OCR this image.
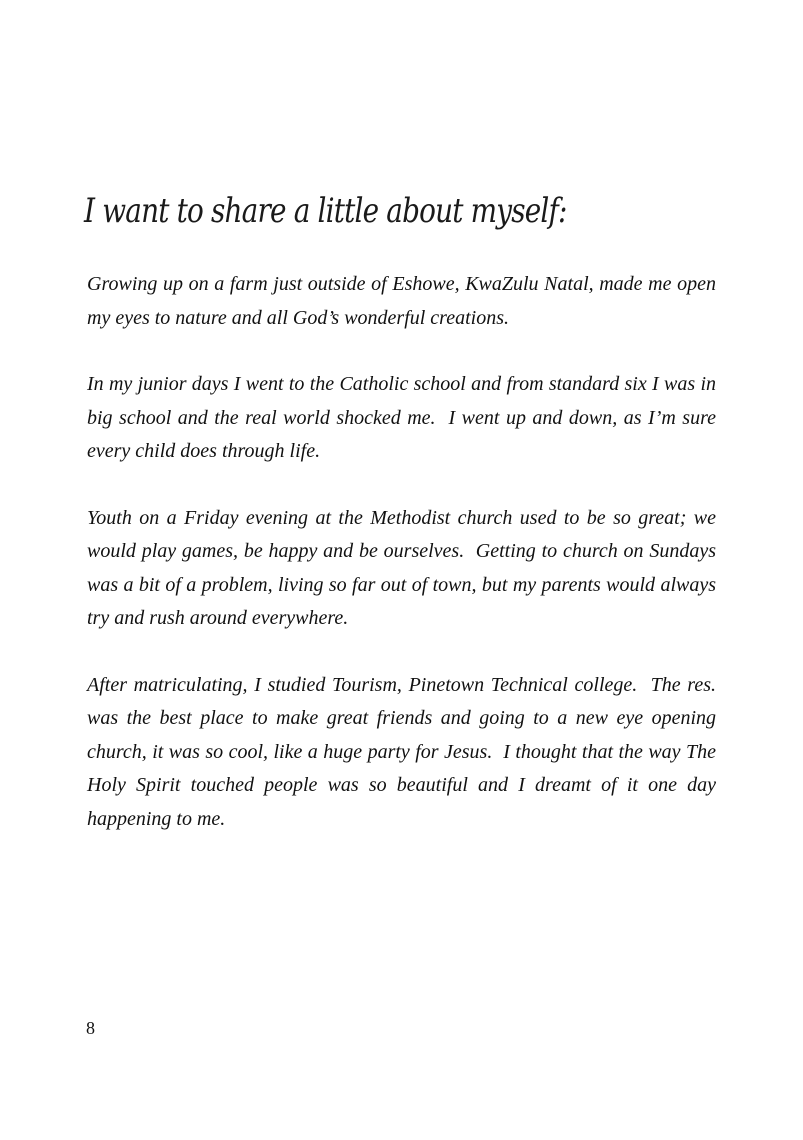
I want to share a little about myself:

Growing up on a farm just outside of Eshowe, KwaZulu Natal, made me open my eyes to nature and all God’s wonderful creations.

In my junior days I went to the Catholic school and from standard six I was in big school and the real world shocked me.  I went up and down, as I’m sure every child does through life.

Youth on a Friday evening at the Methodist church used to be so great; we would play games, be happy and be ourselves.  Getting to church on Sundays was a bit of a problem, living so far out of town, but my parents would always try and rush around everywhere.

After matriculating, I studied Tourism, Pinetown Technical college.  The res. was the best place to make great friends and going to a new eye opening church, it was so cool, like a huge party for Jesus.  I thought that the way The Holy Spirit touched people was so beautiful and I dreamt of it one day happening to me.

8
